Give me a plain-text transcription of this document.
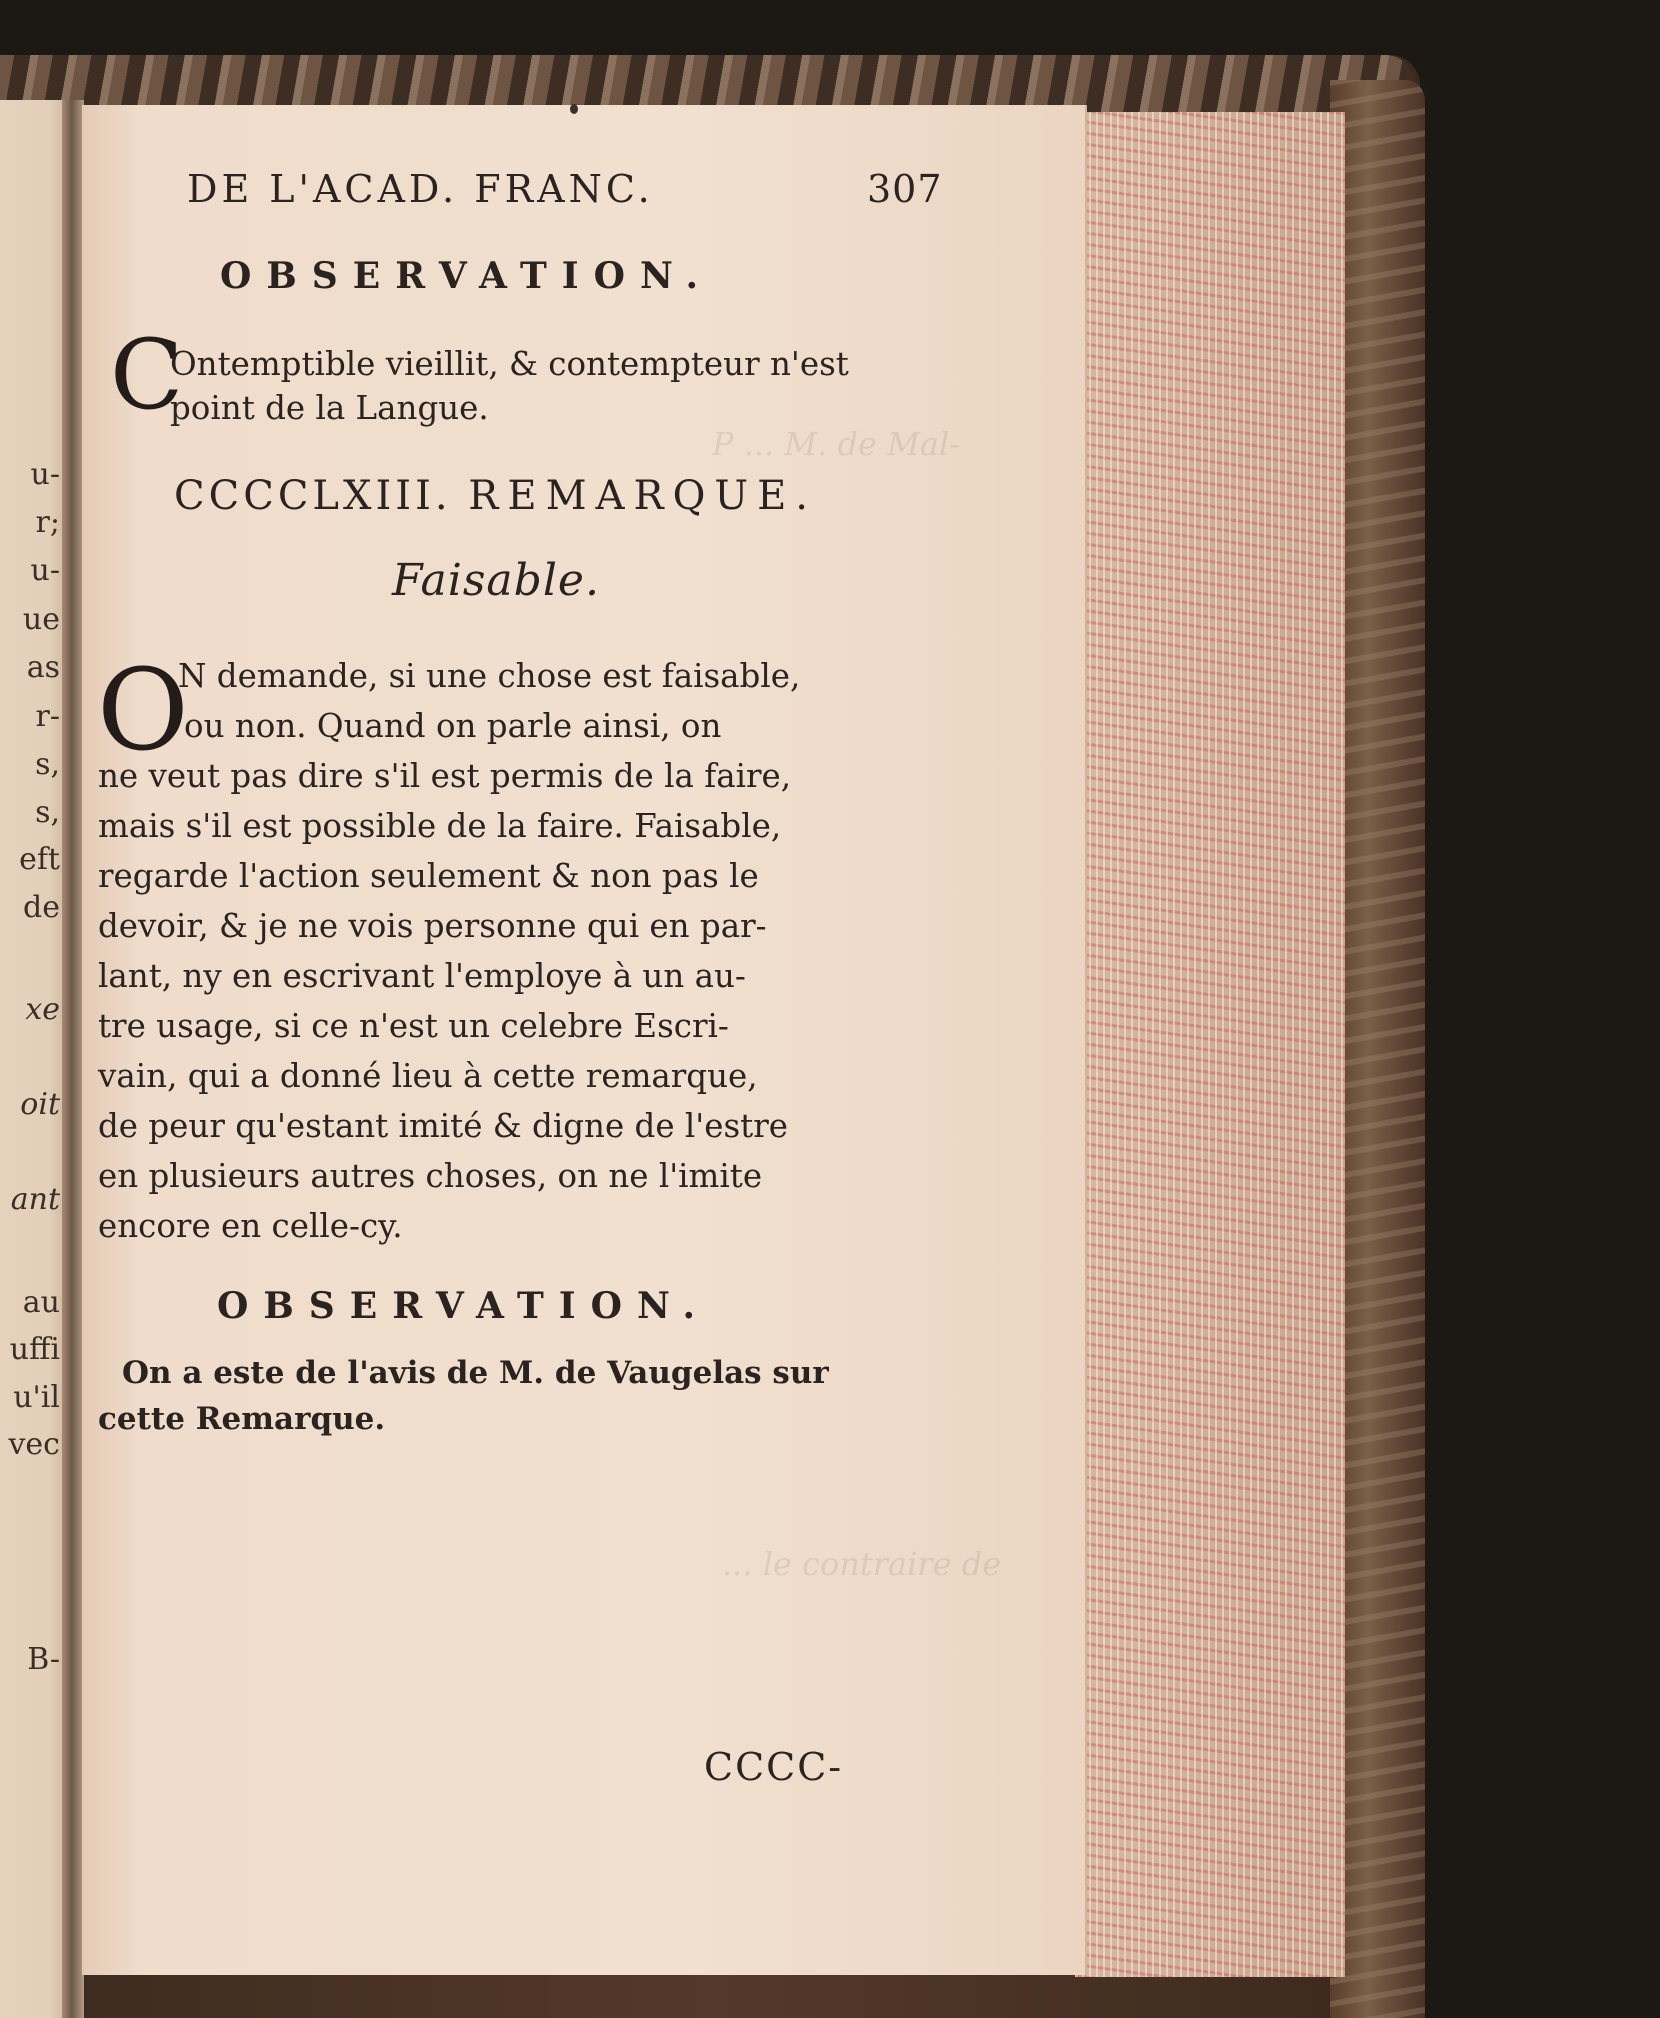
u-
r;
u-
ue
as
r-
s,
s,
eft
de
xe
oit
ant
au
uffi
u'il
vec
B-
P ... M. de Mal-
... le contraire de
DE L'ACAD. FRANC.	307
OBSERVATION.
C
Ontemptible vieillit, & contempteur n'est
point de la Langue.
CCCCLXIII. REMARQUE.
Faisable.
O
N demande, si une chose est faisable,
ou non. Quand on parle ainsi, on
ne veut pas dire s'il est permis de la faire,
mais s'il est possible de la faire. Faisable,
regarde l'action seulement & non pas le
devoir, & je ne vois personne qui en par-
lant, ny en escrivant l'employe à un au-
tre usage, si ce n'est un celebre Escri-
vain, qui a donné lieu à cette remarque,
de peur qu'estant imité & digne de l'estre
en plusieurs autres choses, on ne l'imite
encore en celle-cy.
OBSERVATION.
On a este de l'avis de M. de Vaugelas sur
cette Remarque.
CCCC-
